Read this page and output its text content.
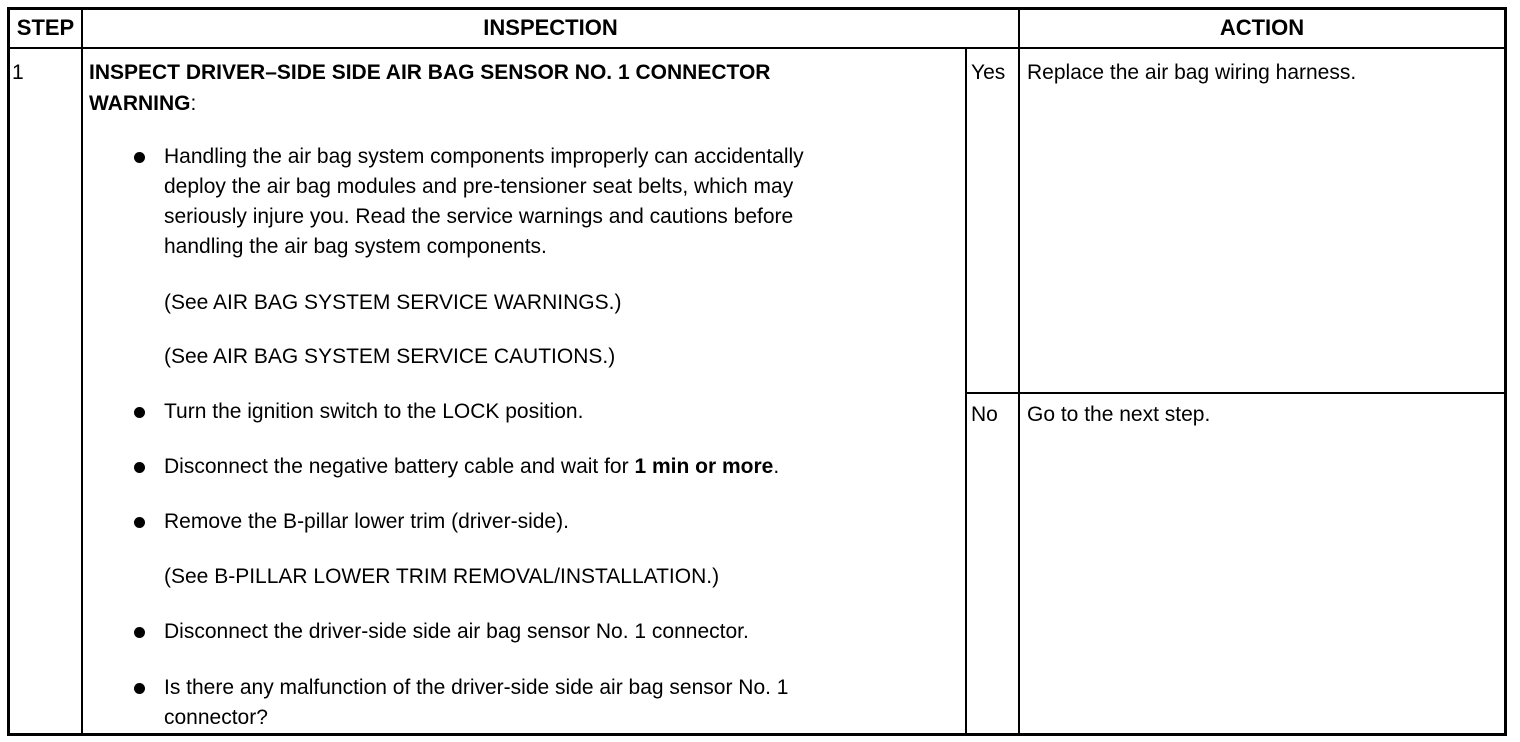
STEP	INSPECTION	ACTION
1	INSPECT DRIVER–SIDE SIDE AIR BAG SENSOR NO. 1 CONNECTOR
WARNING:
Handling the air bag system components improperly can accidentally
deploy the air bag modules and pre-tensioner seat belts, which may
seriously injure you. Read the service warnings and cautions before
handling the air bag system components.
(See AIR BAG SYSTEM SERVICE WARNINGS.)
(See AIR BAG SYSTEM SERVICE CAUTIONS.)
Turn the ignition switch to the LOCK position.
Disconnect the negative battery cable and wait for 1 min or more.
Remove the B-pillar lower trim (driver-side).
(See B-PILLAR LOWER TRIM REMOVAL/INSTALLATION.)
Disconnect the driver-side side air bag sensor No. 1 connector.
Is there any malfunction of the driver-side side air bag sensor No. 1
connector?
Yes Replace the air bag wiring harness.
No Go to the next step.
